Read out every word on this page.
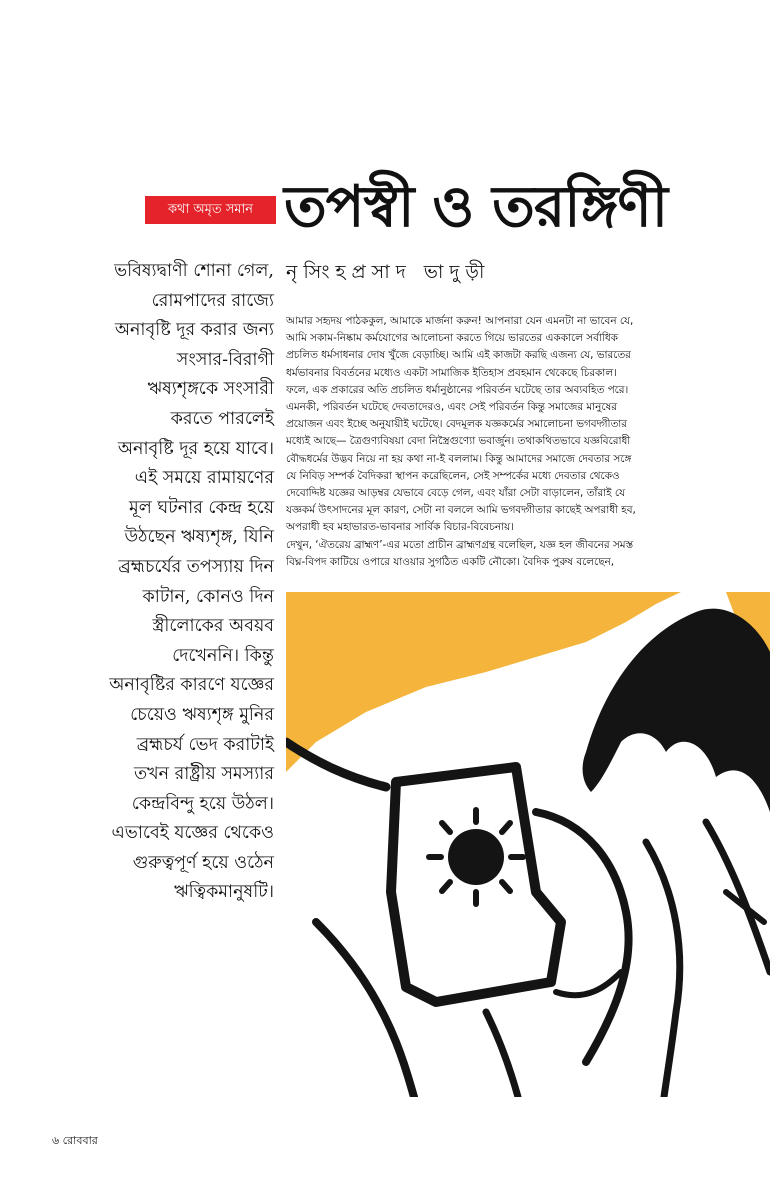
কথা অমৃত সমান তপস্বী ও তরঙ্গিণী
নৃসিংহপ্রসাদ ভাদুড়ী
ভবিষ্যদ্বাণী শোনা গেল,
রোমপাদের রাজ্যে
অনাবৃষ্টি দূর করার জন্য
সংসার-বিরাগী
ঋষ্যশৃঙ্গকে সংসারী
করতে পারলেই
অনাবৃষ্টি দূর হয়ে যাবে।
এই সময়ে রামায়ণের
মূল ঘটনার কেন্দ্র হয়ে
উঠছেন ঋষ্যশৃঙ্গ, যিনি
ব্রহ্মচর্যের তপস্যায় দিন
কাটান, কোনও দিন
স্ত্রীলোকের অবয়ব
দেখেননি। কিন্তু
অনাবৃষ্টির কারণে যজ্ঞের
চেয়েও ঋষ্যশৃঙ্গ মুনির
ব্রহ্মচর্য ভেদ করাটাই
তখন রাষ্ট্রীয় সমস্যার
কেন্দ্রবিন্দু হয়ে উঠল।
এভাবেই যজ্ঞের থেকেও
গুরুত্বপূর্ণ হয়ে ওঠেন
ঋত্বিকমানুষটি।
আমার সহৃদয় পাঠককুল, আমাকে মার্জনা করুন! আপনারা যেন এমনটা না ভাবেন যে,
আমি সকাম-নিষ্কাম কর্মযোগের আলোচনা করতে গিয়ে ভারতের এককালে সর্বাধিক
প্রচলিত ধর্মসাধনার দোষ খুঁজে বেড়াচ্ছি। আমি এই কাজটা করছি এজন্য যে, ভারতের
ধর্মভাবনার বিবর্তনের মধ্যেও একটা সামাজিক ইতিহাস প্রবহমান থেকেছে চিরকাল।
ফলে, এক প্রকারের অতি প্রচলিত ধর্মানুষ্ঠানের পরিবর্তন ঘটেছে তার অব্যবহিত পরে।
এমনকী, পরিবর্তন ঘটেছে দেবতাদেরও, এবং সেই পরিবর্তন কিন্তু সমাজের মানুষের
প্রয়োজন এবং ইচ্ছে অনুযায়ীই ঘটেছে। বেদমূলক যজ্ঞকর্মের সমালোচনা ভগবদ্গীতার
মধ্যেই আছে— ত্রৈগুণ্যবিষয়া বেদা নিস্ত্রৈগুণ্যো ভবার্জুন। তথাকথিতভাবে যজ্ঞবিরোধী
বৌদ্ধধর্মের উদ্ভব নিয়ে না হয় কথা না-ই বললাম। কিন্তু আমাদের সমাজে দেবতার সঙ্গে
যে নিবিড় সম্পর্ক বৈদিকরা স্থাপন করেছিলেন, সেই সম্পর্কের মধ্যে দেবতার থেকেও
দেবোদ্দিষ্ট যজ্ঞের আড়ম্বর যেভাবে বেড়ে গেল, এবং যাঁরা সেটা বাড়ালেন, তাঁরাই যে
যজ্ঞকর্ম উৎসাদনের মূল কারণ, সেটা না বললে আমি ভগবদ্গীতার কাছেই অপরাধী হব,
অপরাধী হব মহাভারত-ভাবনার সার্বিক বিচার-বিবেচনায়।
দেখুন, ‘ঐতরেয় ব্রাহ্মণ’-এর মতো প্রাচীন ব্রাহ্মণগ্রন্থ বলেছিল, যজ্ঞ হল জীবনের সমস্ত
বিঘ্ন-বিপদ কাটিয়ে ওপারে যাওয়ার সুগঠিত একটি নৌকো। বৈদিক পুরুষ বলেছেন,
৬ রোববার
